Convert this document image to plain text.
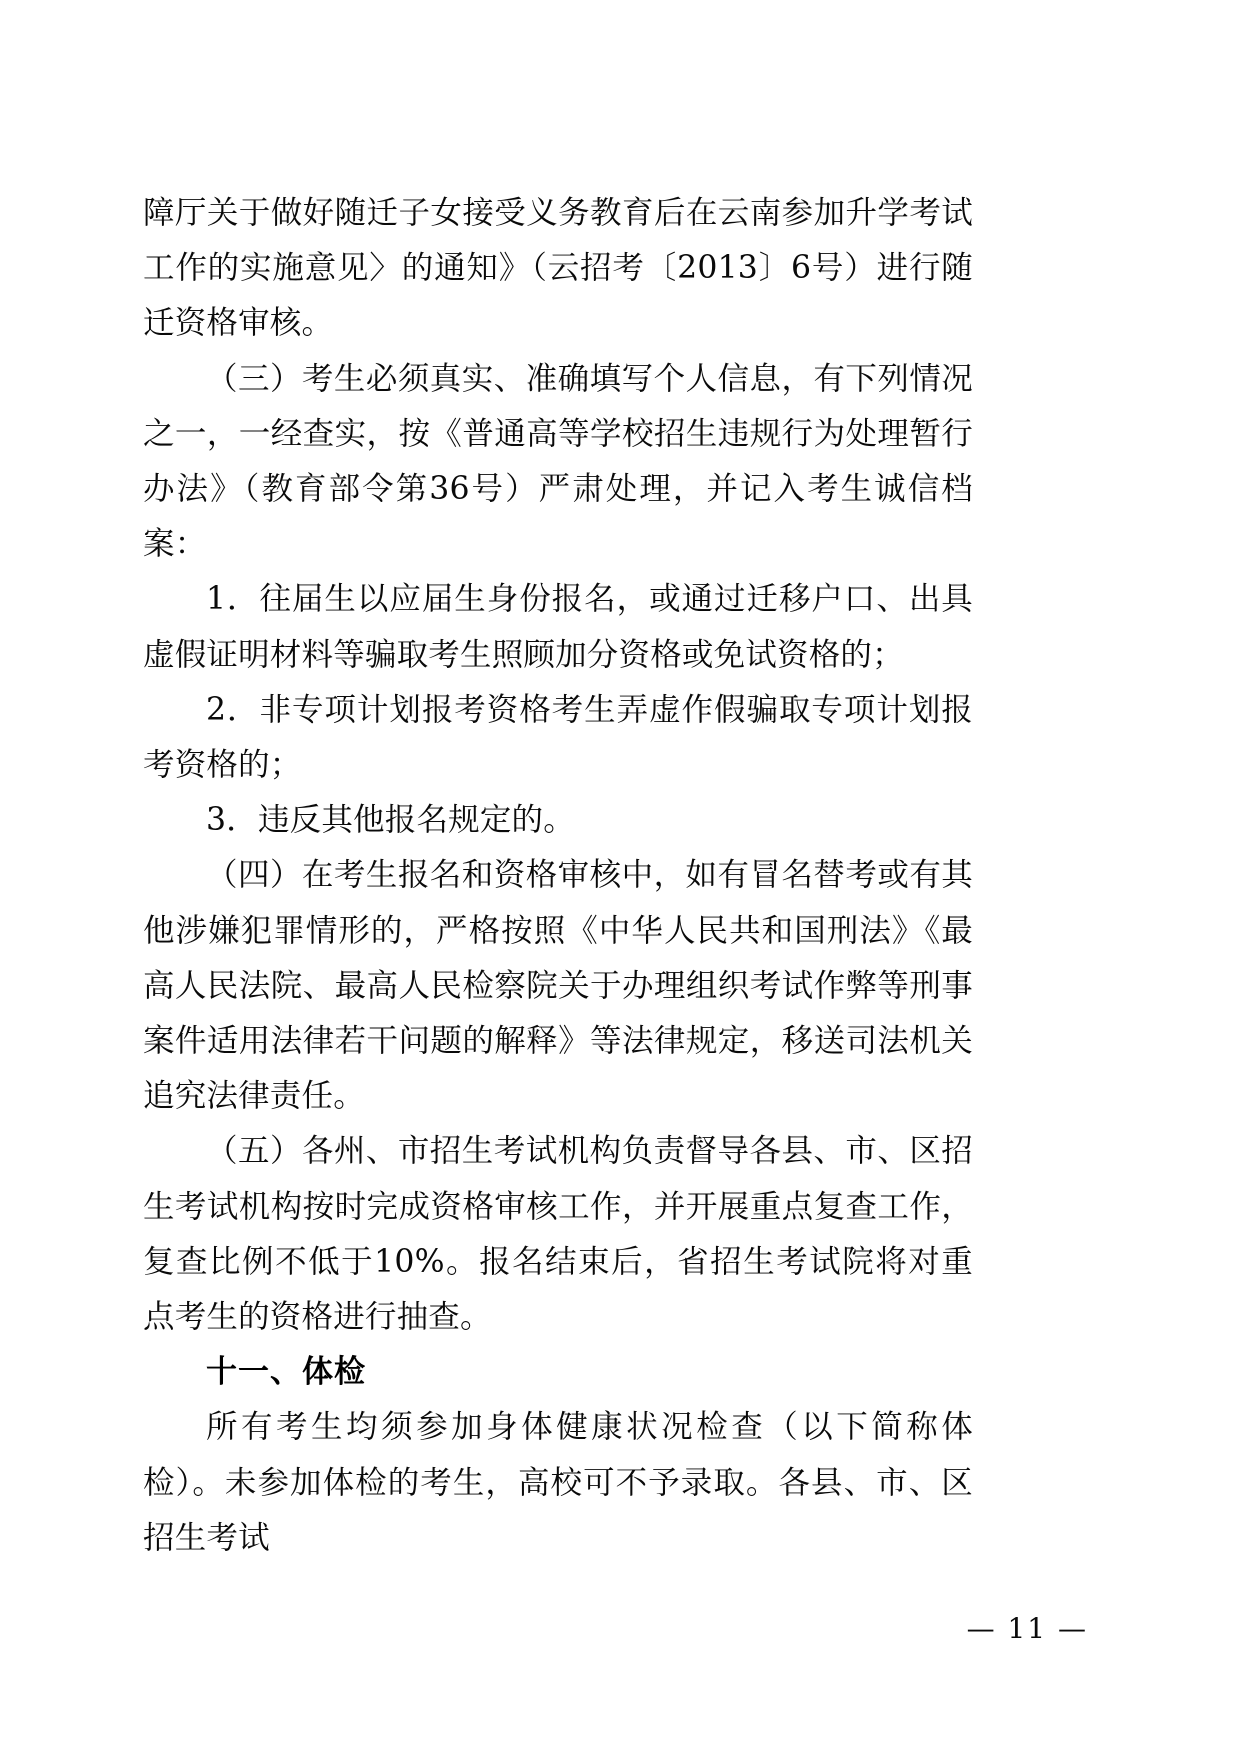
障厅关于做好随迁子女接受义务教育后在云南参加升学考试工作的实施意见〉的通知》（云招考〔2013〕6号）进行随迁资格审核。

（三）考生必须真实、准确填写个人信息，有下列情况之一，一经查实，按《普通高等学校招生违规行为处理暂行办法》（教育部令第36号）严肃处理，并记入考生诚信档案：

1．往届生以应届生身份报名，或通过迁移户口、出具虚假证明材料等骗取考生照顾加分资格或免试资格的；

2．非专项计划报考资格考生弄虚作假骗取专项计划报考资格的；

3．违反其他报名规定的。

（四）在考生报名和资格审核中，如有冒名替考或有其他涉嫌犯罪情形的，严格按照《中华人民共和国刑法》《最高人民法院、最高人民检察院关于办理组织考试作弊等刑事案件适用法律若干问题的解释》等法律规定，移送司法机关追究法律责任。

（五）各州、市招生考试机构负责督导各县、市、区招生考试机构按时完成资格审核工作，并开展重点复查工作，复查比例不低于10%。报名结束后，省招生考试院将对重点考生的资格进行抽查。

十一、体检

所有考生均须参加身体健康状况检查（以下简称体检）。未参加体检的考生，高校可不予录取。各县、市、区招生考试

— 11 —
